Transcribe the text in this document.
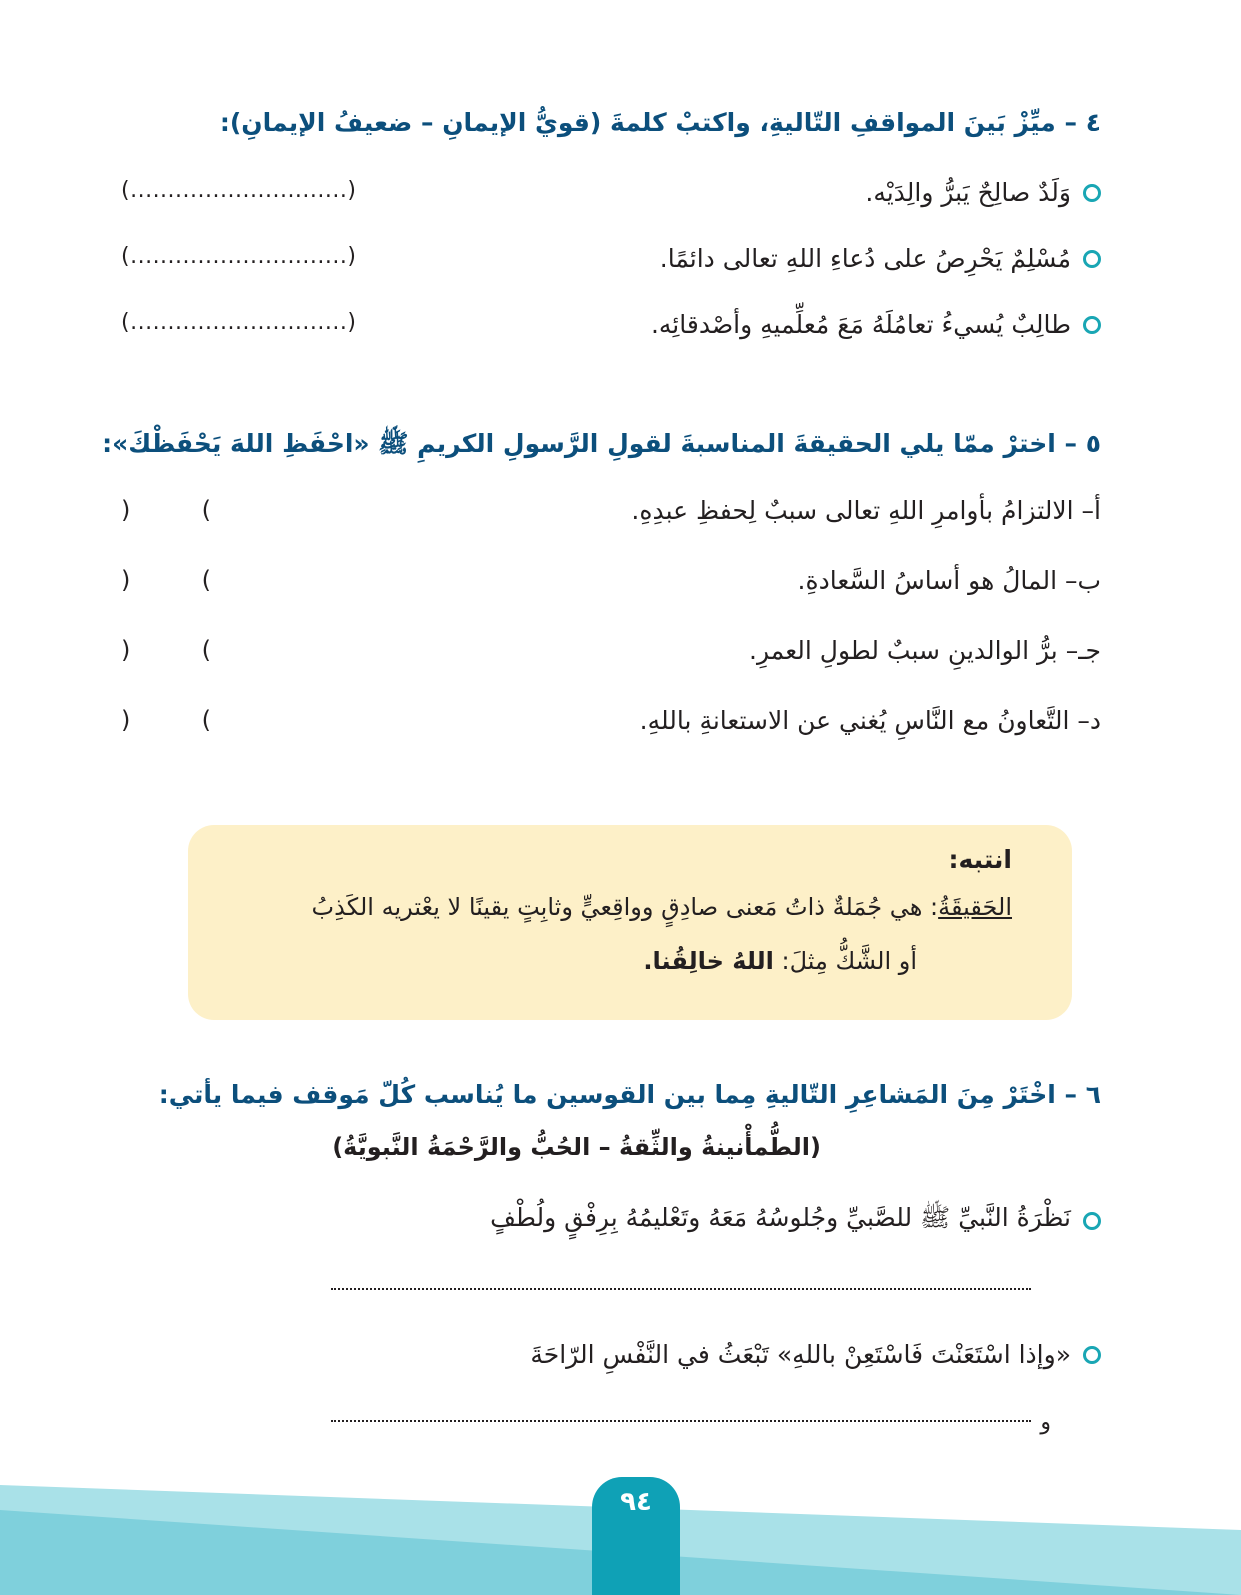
٤ – ميِّزْ بَينَ المواقفِ التّاليةِ، واكتبْ كلمةَ (قويُّ الإيمانِ – ضعيفُ الإيمانِ):
وَلَدٌ صالِحٌ يَبرُّ والِدَيْه.
(.............................)
مُسْلِمٌ يَحْرِصُ على دُعاءِ اللهِ تعالى دائمًا.
(.............................)
طالِبٌ يُسيءُ تعامُلَهُ مَعَ مُعلِّميهِ وأصْدقائِه.
(.............................)
٥ – اخترْ ممّا يلي الحقيقةَ المناسبةَ لقولِ الرَّسولِ الكريمِ ﷺ «احْفَظِ اللهَ يَحْفَظْكَ»:
أ– الالتزامُ بأوامرِ اللهِ تعالى سببٌ لِحفظِ عبدِهِ.
)	(
ب– المالُ هو أساسُ السَّعادةِ.
)	(
جـ– برُّ الوالدينِ سببٌ لطولِ العمرِ.
)	(
د– التَّعاونُ مع النَّاسِ يُغني عن الاستعانةِ باللهِ.
)	(
انتبه:
الحَقيقَةُ: هي جُمَلةٌ ذاتُ مَعنى صادِقٍ وواقِعيٍّ وثابِتٍ يقينًا لا يعْتريه الكَذِبُ
أو الشَّكُّ مِثلَ: اللهُ خالِقُنا.
٦ – اخْتَرْ مِنَ المَشاعِرِ التّاليةِ مِما بين القوسين ما يُناسب كُلّ مَوقف فيما يأتي:
(الطُّمأْنينةُ والثِّقةُ – الحُبُّ والرَّحْمَةُ النَّبويَّةُ)
نَظْرَةُ النَّبيِّ ﷺ للصَّبيِّ وجُلوسُهُ مَعَهُ وتَعْليمُهُ بِرِفْقٍ ولُطْفٍ
«وإذا اسْتَعَنْتَ فَاسْتَعِنْ باللهِ» تَبْعَثُ في النَّفْسِ الرّاحَةَ
و
٩٤
